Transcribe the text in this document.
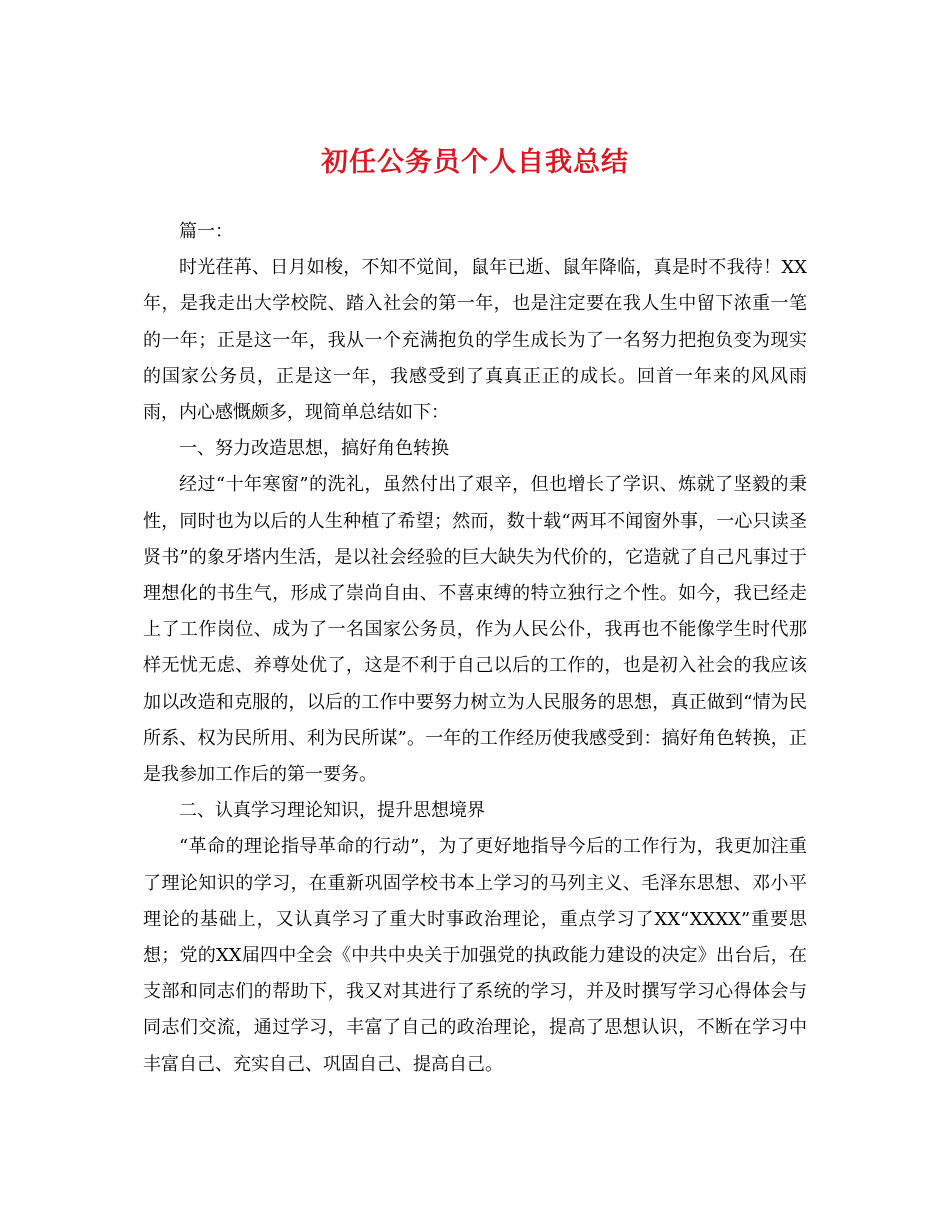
初任公务员个人自我总结

篇一：

时光荏苒、日月如梭，不知不觉间，鼠年已逝、鼠年降临，真是时不我待！XX年，是我走出大学校院、踏入社会的第一年，也是注定要在我人生中留下浓重一笔的一年；正是这一年，我从一个充满抱负的学生成长为了一名努力把抱负变为现实的国家公务员，正是这一年，我感受到了真真正正的成长。回首一年来的风风雨雨，内心感慨颇多，现简单总结如下：

一、努力改造思想，搞好角色转换

经过“十年寒窗”的洗礼，虽然付出了艰辛，但也增长了学识、炼就了坚毅的秉性，同时也为以后的人生种植了希望；然而，数十载“两耳不闻窗外事，一心只读圣贤书”的象牙塔内生活，是以社会经验的巨大缺失为代价的，它造就了自己凡事过于理想化的书生气，形成了崇尚自由、不喜束缚的特立独行之个性。如今，我已经走上了工作岗位、成为了一名国家公务员，作为人民公仆，我再也不能像学生时代那样无忧无虑、养尊处优了，这是不利于自己以后的工作的，也是初入社会的我应该加以改造和克服的，以后的工作中要努力树立为人民服务的思想，真正做到“情为民所系、权为民所用、利为民所谋”。一年的工作经历使我感受到：搞好角色转换，正是我参加工作后的第一要务。

二、认真学习理论知识，提升思想境界

“革命的理论指导革命的行动”，为了更好地指导今后的工作行为，我更加注重了理论知识的学习，在重新巩固学校书本上学习的马列主义、毛泽东思想、邓小平理论的基础上，又认真学习了重大时事政治理论，重点学习了XX“XXXX”重要思想；党的XX届四中全会《中共中央关于加强党的执政能力建设的决定》出台后，在支部和同志们的帮助下，我又对其进行了系统的学习，并及时撰写学习心得体会与同志们交流，通过学习，丰富了自己的政治理论，提高了思想认识，不断在学习中丰富自己、充实自己、巩固自己、提高自己。
